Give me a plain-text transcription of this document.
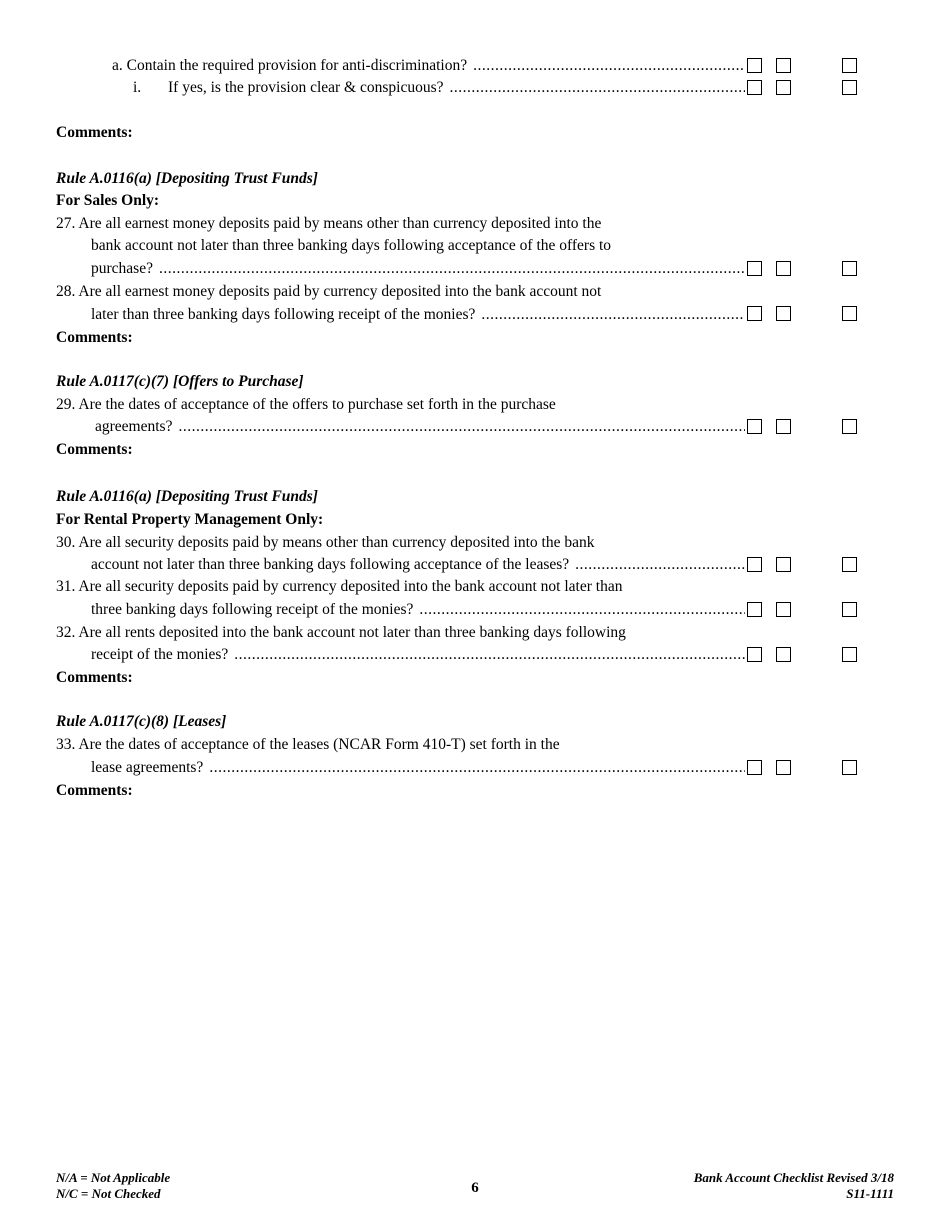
a. Contain the required provision for anti-discrimination?
.....
i. If yes, is the provision clear & conspicuous?
.....
Comments:
Rule A.0116(a) [Depositing Trust Funds]
For Sales Only:
27. Are all earnest money deposits paid by means other than currency deposited into the
bank account not later than three banking days following acceptance of the offers to
purchase?
.....
28. Are all earnest money deposits paid by currency deposited into the bank account not
later than three banking days following receipt of the monies?
.....
Comments:
Rule A.0117(c)(7) [Offers to Purchase]
29. Are the dates of acceptance of the offers to purchase set forth in the purchase
agreements?
.....
Comments:
Rule A.0116(a) [Depositing Trust Funds]
For Rental Property Management Only:
30. Are all security deposits paid by means other than currency deposited into the bank
account not later than three banking days following acceptance of the leases?
.....
31. Are all security deposits paid by currency deposited into the bank account not later than
three banking days following receipt of the monies?
.....
32. Are all rents deposited into the bank account not later than three banking days following
receipt of the monies?
.....
Comments:
Rule A.0117(c)(8) [Leases]
33. Are the dates of acceptance of the leases (NCAR Form 410-T) set forth in the
lease agreements?
.....
Comments:
N/A = Not Applicable
N/C = Not Checked	6
Bank Account Checklist Revised 3/18
S11-1111
